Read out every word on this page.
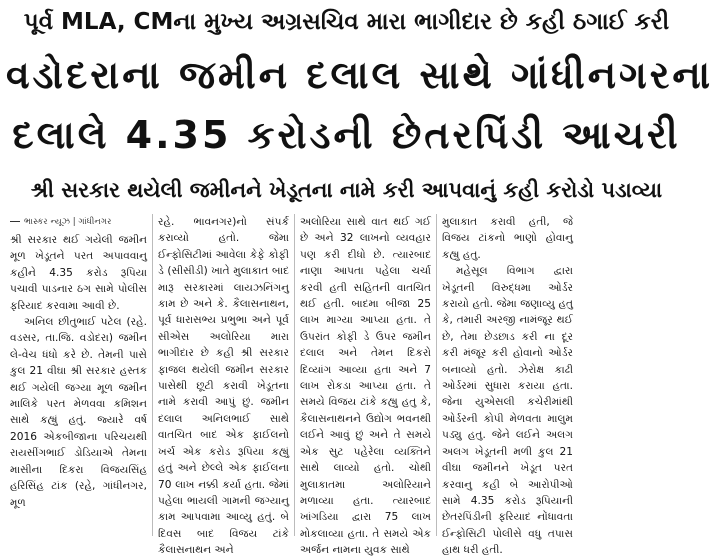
પૂર્વ MLA, CMના મુખ્ય અગ્રસચિવ મારા ભાગીદાર છે કહી ઠગાઈ કરી
વડોદરાના જમીન દલાલ સાથે ગાંધીનગરના
દલાલે 4.35 કરોડની છેતરપિંડી આચરી
શ્રી સરકાર થયેલી જમીનને ખેડૂતના નામે કરી આપવાનું કહી કરોડો પડાવ્યા
ભાસ્કર ન્યૂઝ | ગાંધીનગર

શ્રી સરકાર થઈ ગયેલી જમીન મૂળ ખેડૂતને પરત અપાવવાનુ કહીને 4.35 કરોડ રૂપિયા પચાવી પાડનાર ઠગ સામે પોલીસ ફરિયાદ કરવામા આવી છે.

અનિલ છીતુભાઈ પટેલ (રહે. વડસર, તા.જિ. વડોદરા) જમીન લે-વેચ ધંધો કરે છે. તેમની પાસે કુલ 21 વીઘા શ્રી સરકાર હસ્તક થઈ ગયેલી જગ્યા મૂળ જમીન માલિકે પરત મેળવવા કમિશન સાથે કહ્યું હતું. જ્યારે વર્ષ 2016 એકબીજાના પરિચયથી રાયસીંગભાઈ ડોડિયાએ તેમના માસીના દિકરા વિજયસિંહ હરિસિંહ ટાંક (રહે, ગાંધીનગર, મૂળ

રહે. ભાવનગર)નો સંપર્ક કરાવ્યો હતો. જેમા ઈન્ફોસિટીમાં આવેલા કેફે કોફી ડે (સીસીડી) ખાતે મુલાકાત બાદ મારૂ સરકારમાં લાયઝનિંગનુ કામ છે અને કે. કૈલાસનાથન, પૂર્વ ધારાસભ્ય પ્રભુભા અને પૂર્વ સીએસ અલોરિયા મારા ભાગીદાર છે કહી શ્રી સરકાર ફાજલ થયેલી જમીન સરકાર પાસેથી છૂટી કરાવી ખેડૂતના નામે કરાવી આપું છું. જમીન દલાલ અનિલભાઈ સાથે વાતચિત બાદ એક ફાઈલનો ખર્ચ એક કરોડ રૂપિયા કહ્યું હતું અને છેલ્લે એક ફાઈલના 70 લાખ નક્કી કર્યા હતા. જેમાં પહેલા ભાયલી ગામની જગ્યાનુ કામ આપવામા આવ્યુ હતું. બે દિવસ બાદ વિજય ટાંકે કૈલાસનાથન અને

અલોરિયા સાથે વાત થઈ ગઈ છે અને 32 લાખનો વ્યવહાર પણ કરી દીધો છે. ત્યારબાદ નાણા આપતા પહેલા ચર્ચા કરવી હતી સહિતની વાતચિત થઈ હતી. બાદમા બીજા 25 લાખ માગ્યા આપ્યા હતા. તે ઉપરાંત કોફી ડે ઉપર જમીન દલાલ અને તેમન દિકરો દિવ્યાંગ આવ્યા હતા અને 7 લાખ રોકડા આપ્યા હતા. તે સમયે વિજય ટાંકે કહ્યુ હતુ કે, કૈલાસનાથનને ઉદ્યોગ ભવનથી લઈને આવું છું અને તે સમયે એક સુટ પહેરેલા વ્યક્તિને સાથે લાવ્યો હતો. ચોથી મુલાકાતમા અલોરિયાને મળાવ્યા હતા. ત્યારબાદ ખાંગડિયા દ્વારા 75 લાખ મોકલાવ્યા હતા. તે સમયે એક અર્જન નામના યુવક સાથે

મુલાકાત કરાવી હતી, જે વિજય ટાંકનો ભાણો હોવાનુ કહ્યુ હતુ.

મહેસૂલ વિભાગ દ્વારા ખેડૂતની વિરુદ્ધમા ઓર્ડર કરાયો હતો. જેમા જણાવ્યુ હતુ કે, તમારી અરજી નામંજૂર થઈ છે, તેમા છેડછાડ કરી ના દૂર કરી મંજૂર કરી હોવાનો ઓર્ડર બનાવ્યો હતો. ઝેરોક્ષ કાઢી ઓર્ડરમાં સુધારા કરાયા હતા. જેના યુએસલી કચેરીમાંથી ઓર્ડરની કોપી મેળવતા માલુમ પડ્યુ હતુ. જેને લઈને અલગ અલગ ખેડૂતની મળી કુલ 21 વીઘા જમીનને ખેડૂત પરત કરવાનુ કહી બે આરોપીઓ સામે 4.35 કરોડ રૂપિયાની છેતરપિંડીની ફરિયાદ નોંધાવતા ઈન્ફોસિટી પોલીસે વધુ તપાસ હાથ ધરી હતી.
